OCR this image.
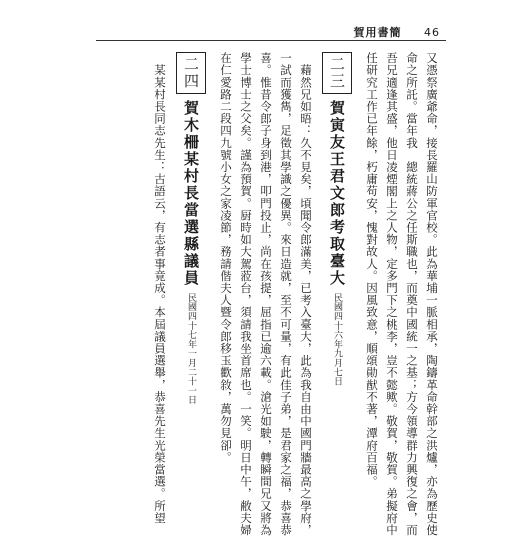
賀用書簡 46
又憑祭廣爺命，接長羅山防軍官校。此為華埔一脈相承，陶鑄革命幹部之洪爐，亦為歷史使
命之所託。當年我　總統蔣公之任斯職也，而奠中國統一之基；方今領導群力興復之會，而
吾兄適逢其盛，他日凌煙閣上之人物，定多門下之桃李，豈不懿歟。敬賀，敬賀。弟擬府中
任研究工作已年餘，朽庸苟安，愧對故人。因風致意，順頌勛猷不著，潭府百福。
二三賀寅友王君文郎考取臺大民國四十六年九月七日
　藉然兄如晤：久不見矣，頃聞令郎滿美，已考入臺大，此為我自由中國門牆最高之學府，
一試而獲雋，足徵其學識之優異。來日造就，至不可量，有此佳子弟，是君家之福，恭喜恭
喜。惟昔令郎子身到港，叩門投止，尚在孩提，屈指已逾六載。滄光如駛，轉瞬間兄又將為
學士博士之父矣。謹為預賀。厨時如大駕蒞台，須請我坐首席也。一笑。明日中午，敝夫婦
在仁愛路二段四九號小女之家凌節，務請偕夫人暨令郎移玉歡敘，萬勿見卻。
二四賀木柵某村長當選縣議員民國四十七年一月二十一日
　某某村長同志先生：古語云，有志者事竟成。本屆議員選舉，恭喜先生光榮當選。所望
